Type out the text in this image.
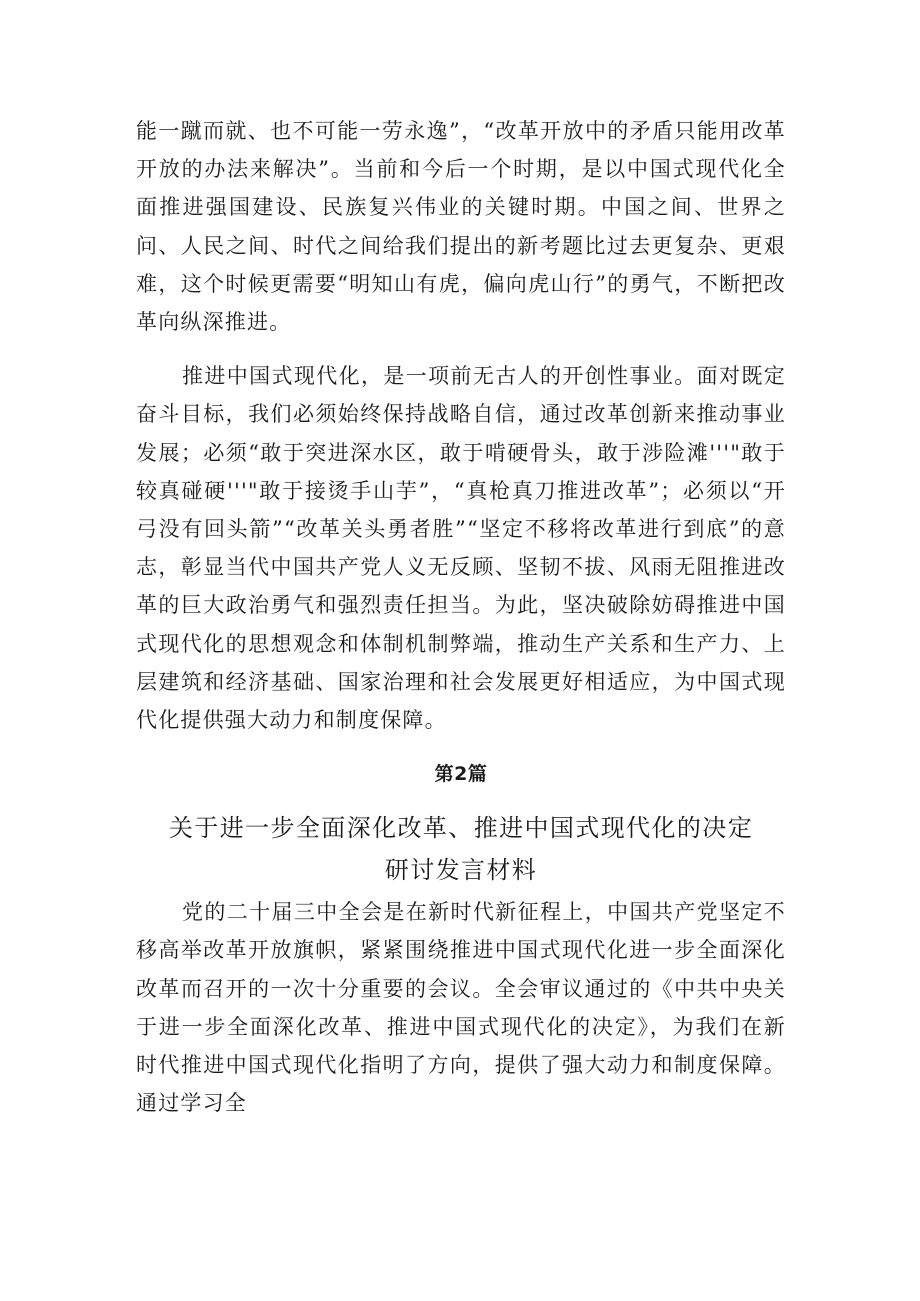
能一蹴而就、也不可能一劳永逸”，“改革开放中的矛盾只能用改革开放的办法来解决”。当前和今后一个时期，是以中国式现代化全面推进强国建设、民族复兴伟业的关键时期。中国之间、世界之问、人民之间、时代之间给我们提出的新考题比过去更复杂、更艰难，这个时候更需要“明知山有虎，偏向虎山行”的勇气，不断把改革向纵深推进。

推进中国式现代化，是一项前无古人的开创性事业。面对既定奋斗目标，我们必须始终保持战略自信，通过改革创新来推动事业发展；必须“敢于突进深水区，敢于啃硬骨头，敢于涉险滩'''"敢于较真碰硬'''"敢于接烫手山芋”，“真枪真刀推进改革”；必须以“开弓没有回头箭”“改革关头勇者胜”“坚定不移将改革进行到底”的意志，彰显当代中国共产党人义无反顾、坚韧不拔、风雨无阻推进改革的巨大政治勇气和强烈责任担当。为此，坚决破除妨碍推进中国式现代化的思想观念和体制机制弊端，推动生产关系和生产力、上层建筑和经济基础、国家治理和社会发展更好相适应，为中国式现代化提供强大动力和制度保障。

第2篇
关于进一步全面深化改革、推进中国式现代化的决定研讨发言材料

党的二十届三中全会是在新时代新征程上，中国共产党坚定不移高举改革开放旗帜，紧紧围绕推进中国式现代化进一步全面深化改革而召开的一次十分重要的会议。全会审议通过的《中共中央关于进一步全面深化改革、推进中国式现代化的决定》，为我们在新时代推进中国式现代化指明了方向，提供了强大动力和制度保障。通过学习全
